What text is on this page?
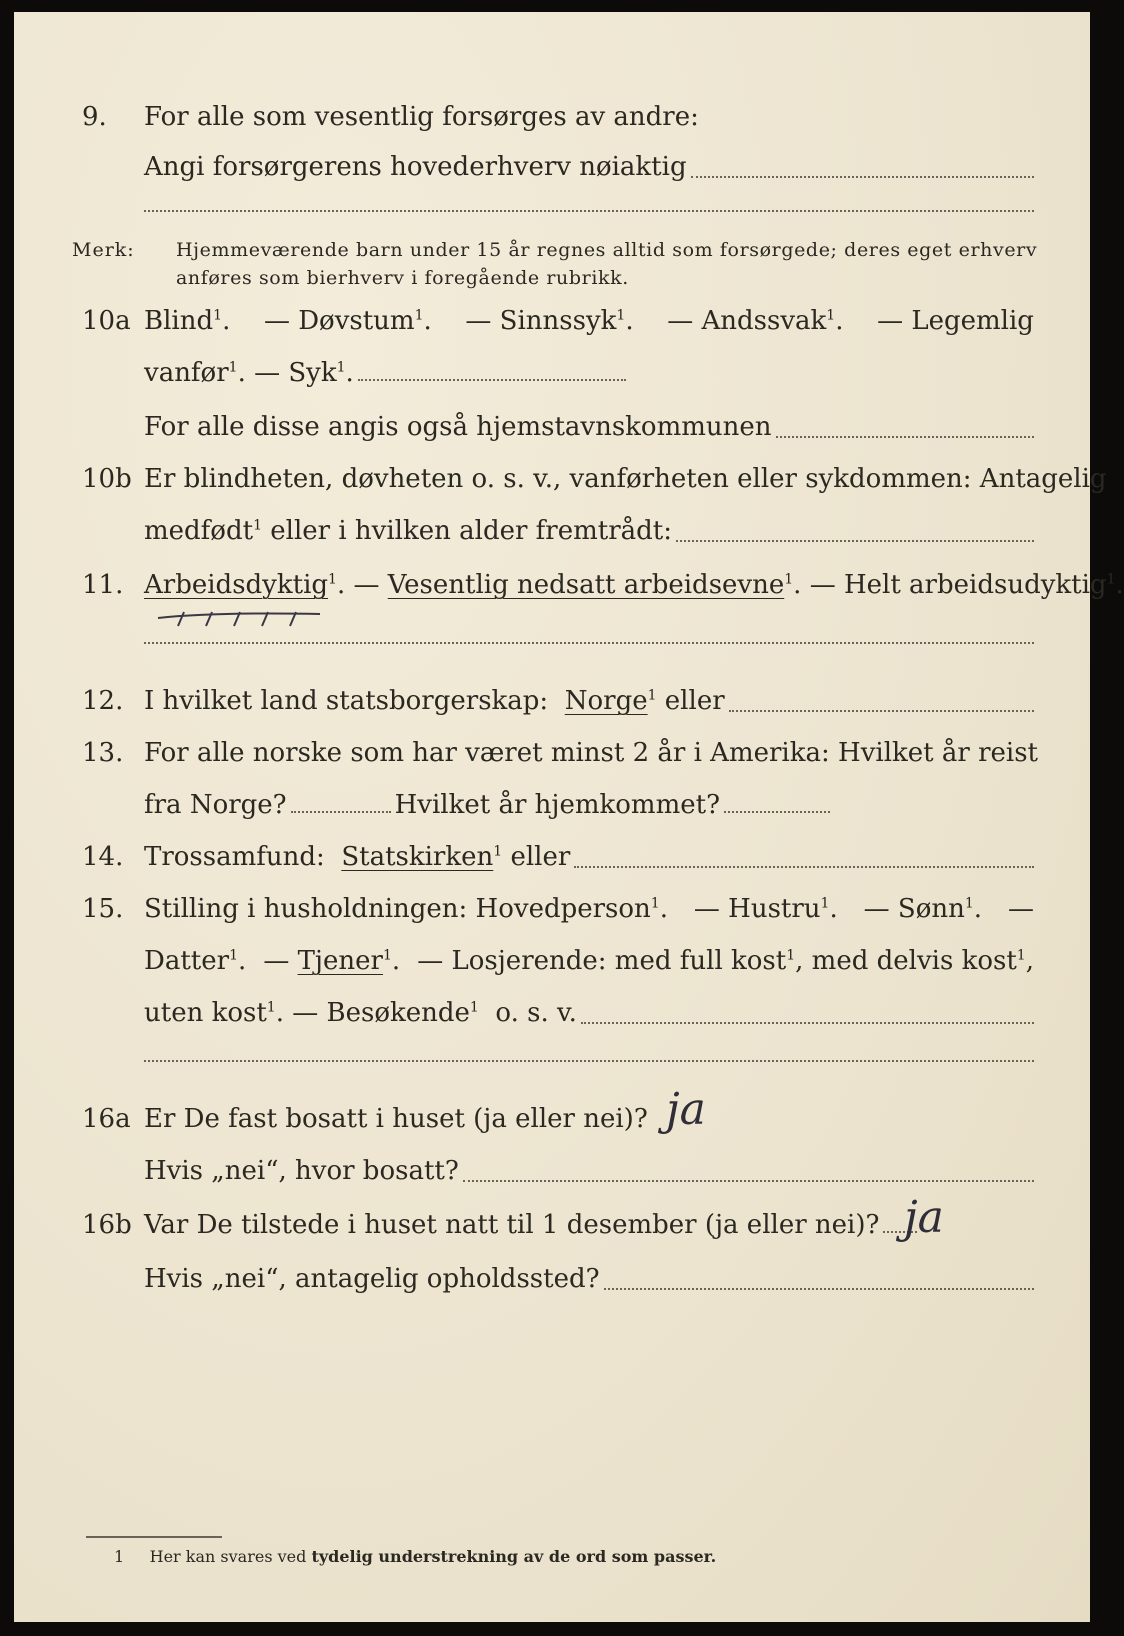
9.	For alle som vesentlig forsørges av andre:
Angi forsørgerens hovederhverv nøiaktig
Merk: Hjemmeværende barn under 15 år regnes alltid som forsørgede; deres eget erhverv
anføres som bierhverv i foregående rubrikk.
10a Blind$^1$. — Døvstum$^1$. — Sinnssyk$^1$. — Andssvak$^1$. — Legemlig
vanfør$^1$. — Syk$^1$.
For alle disse angis også hjemstavnskommunen
10b Er blindheten, døvheten o. s. v., vanførheten eller sykdommen: Antagelig
medfødt$^1$ eller i hvilken alder fremtrådt:
11. Arbeidsdyktig$^1$. — Vesentlig nedsatt arbeidsevne$^1$. — Helt arbeidsudyktig$^1$.
12. I hvilket land statsborgerskap:
Norge$^1$ eller
13. For alle norske som har været minst 2 år i Amerika: Hvilket år reist
fra Norge?	Hvilket år hjemkommet?
14. Trossamfund:
Statskirken$^1$ eller
15. Stilling i husholdningen: Hovedperson$^1$. — Hustru$^1$. — Sønn$^1$. —
Datter$^1$. — Tjener$^1$. — Losjerende: med full kost$^1$, med delvis kost$^1$,
uten kost$^1$. — Besøkende$^1$ o. s. v.
16a Er De fast bosatt i huset (ja eller nei)? ja
Hvis „nei“, hvor bosatt?
16b Var De tilstede i huset natt til 1 desember (ja eller nei)? ja
Hvis „nei“, antagelig opholdssted?
1 Her kan svares ved tydelig understrekning av de ord som passer.
